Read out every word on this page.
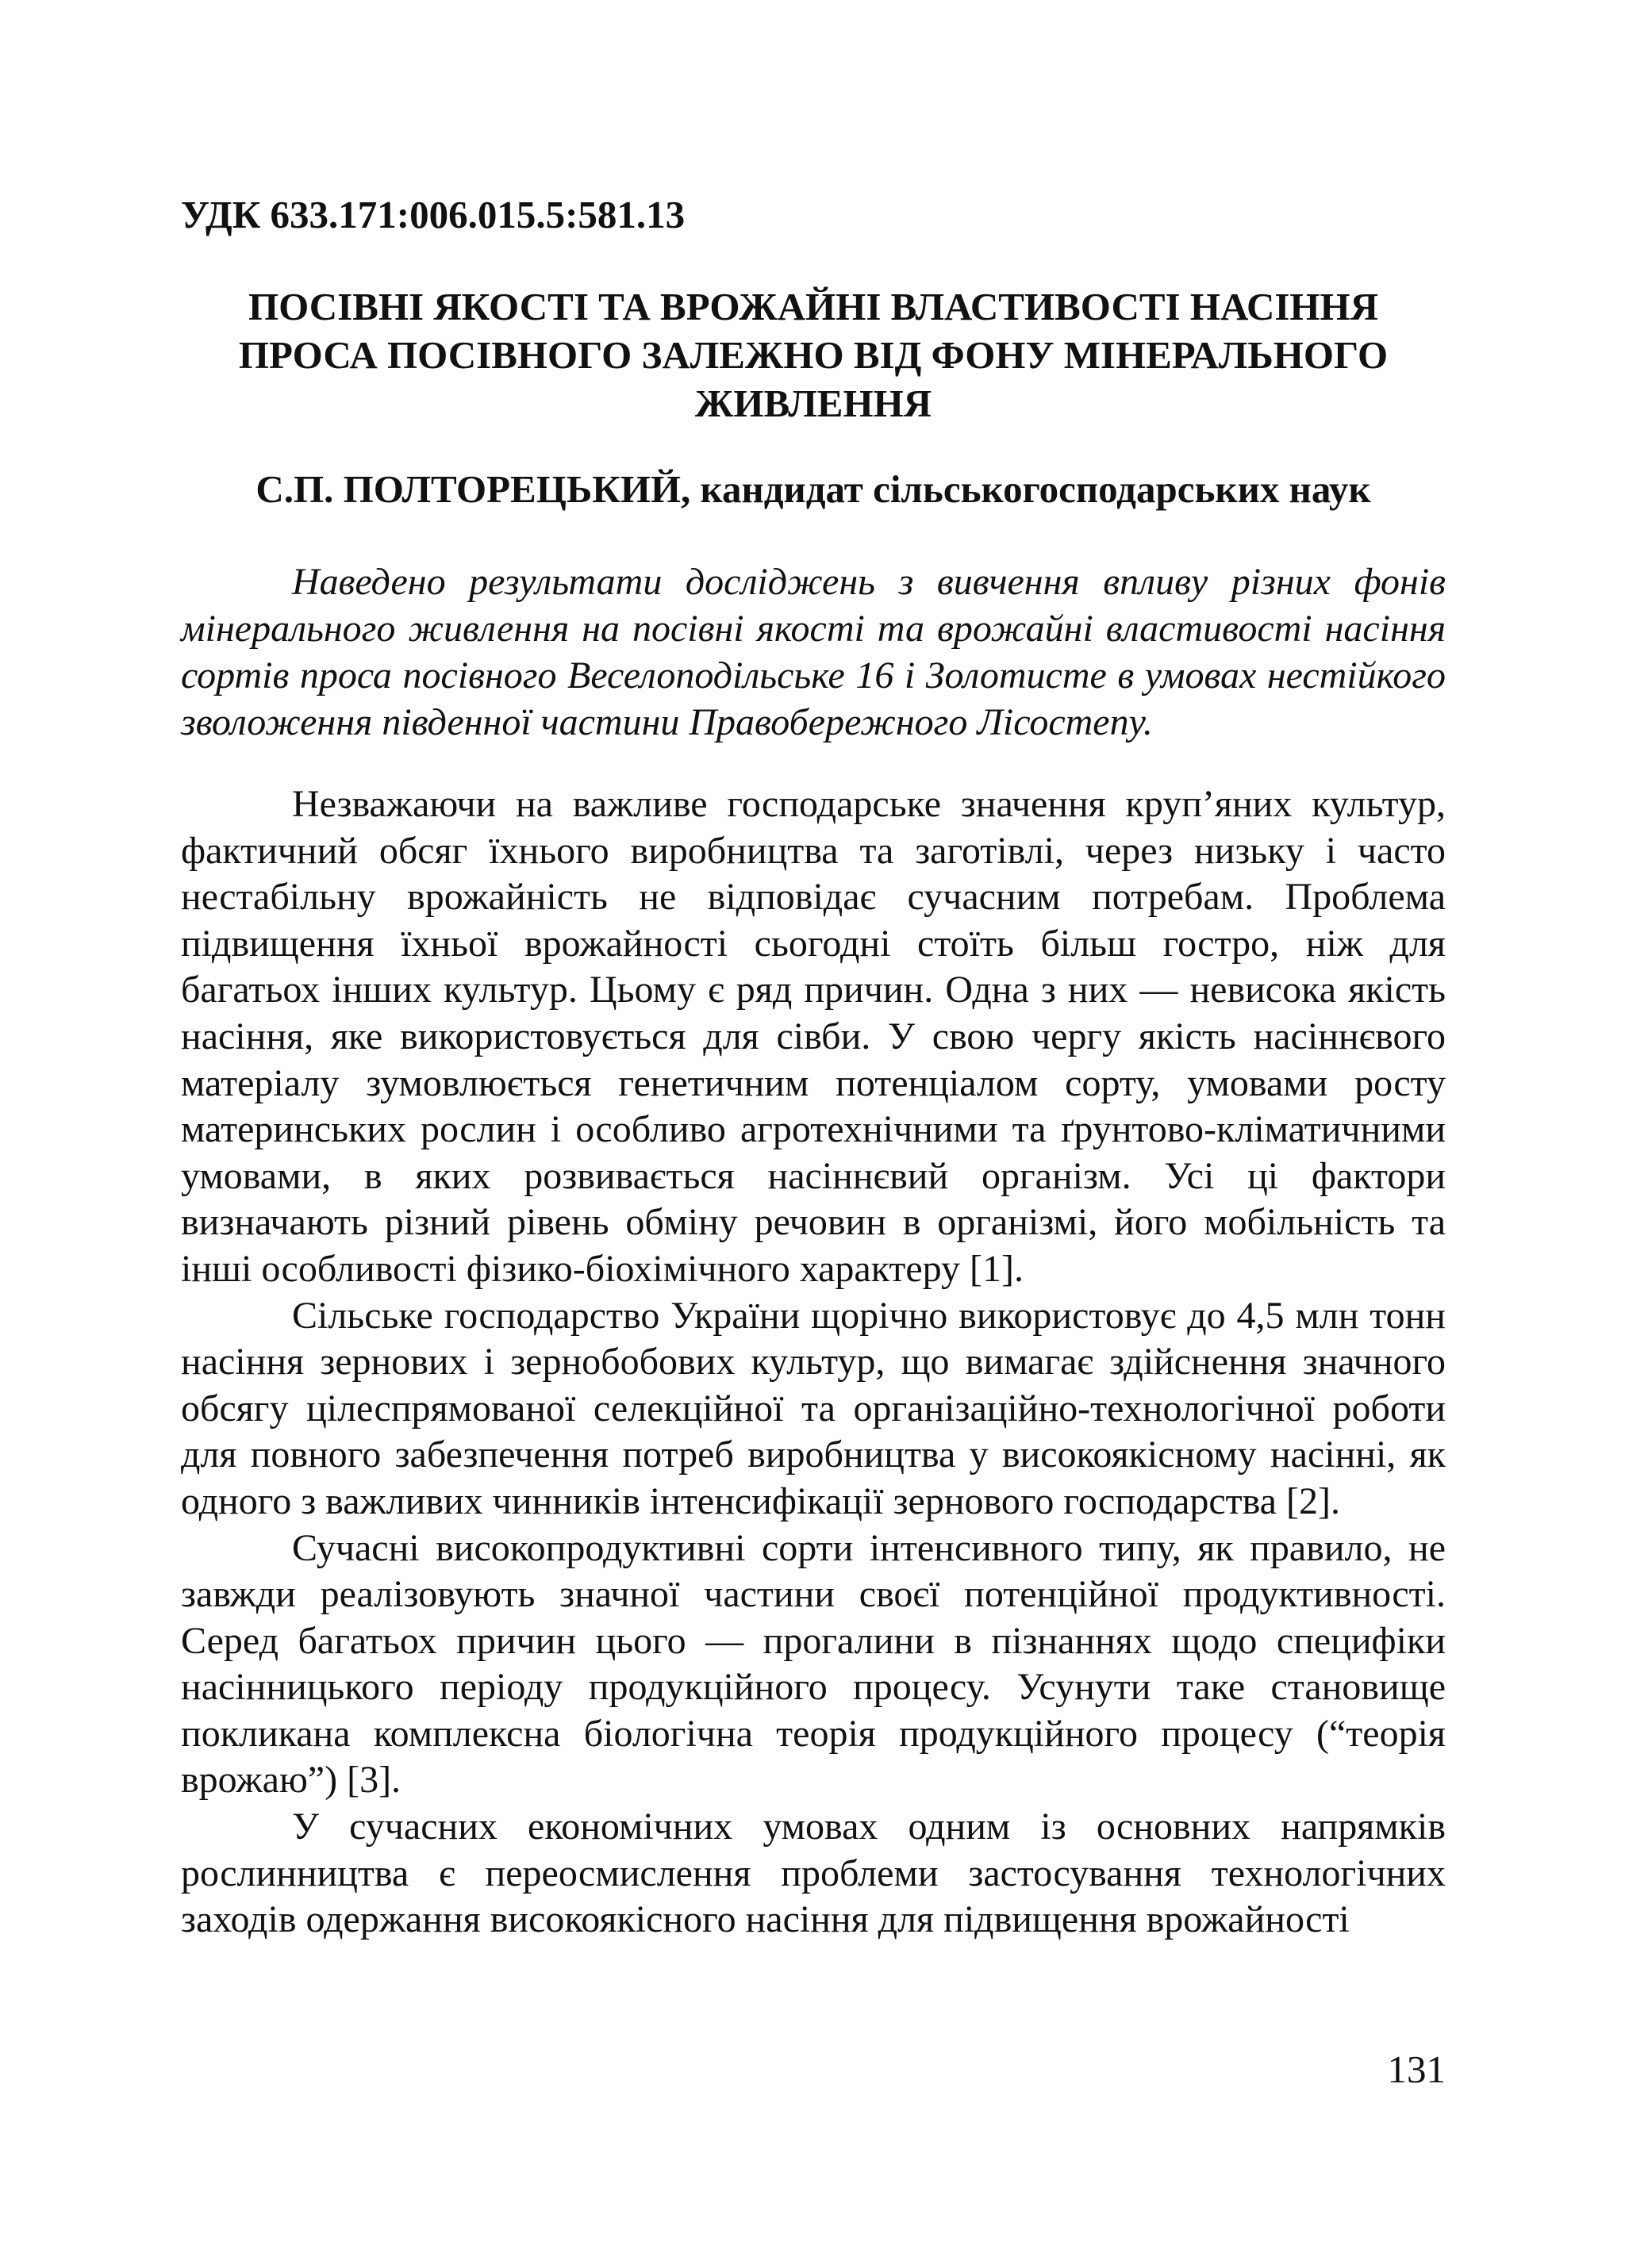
УДК 633.171:006.015.5:581.13
ПОСІВНІ ЯКОСТІ ТА ВРОЖАЙНІ ВЛАСТИВОСТІ НАСІННЯ
ПРОСА ПОСІВНОГО ЗАЛЕЖНО ВІД ФОНУ МІНЕРАЛЬНОГО
ЖИВЛЕННЯ
С.П. ПОЛТОРЕЦЬКИЙ, кандидат сільськогосподарських наук
Наведено результати досліджень з вивчення впливу різних фонів мінерального живлення на посівні якості та врожайні властивості насіння сортів проса посівного Веселоподільське 16 і Золотисте в умовах нестійкого зволоження південної частини Правобережного Лісостепу.

Незважаючи на важливе господарське значення круп’яних культур, фактичний обсяг їхнього виробництва та заготівлі, через низьку і часто нестабільну врожайність не відповідає сучасним потребам. Проблема підвищення їхньої врожайності сьогодні стоїть більш гостро, ніж для багатьох інших культур. Цьому є ряд причин. Одна з них — невисока якість насіння, яке використовується для сівби. У свою чергу якість насіннєвого матеріалу зумовлюється генетичним потенціалом сорту, умовами росту материнських рослин і особливо агротехнічними та ґрунтово-кліматичними умовами, в яких розвивається насіннєвий організм. Усі ці фактори визначають різний рівень обміну речовин в організмі, його мобільність та інші особливості фізико-біохімічного характеру [1].

Сільське господарство України щорічно використовує до 4,5 млн тонн насіння зернових і зернобобових культур, що вимагає здійснення значного обсягу цілеспрямованої селекційної та організаційно-технологічної роботи для повного забезпечення потреб виробництва у високоякісному насінні, як одного з важливих чинників інтенсифікації зернового господарства [2].

Сучасні високопродуктивні сорти інтенсивного типу, як правило, не завжди реалізовують значної частини своєї потенційної продуктивності. Серед багатьох причин цього — прогалини в пізнаннях щодо специфіки насінницького періоду продукційного процесу. Усунути таке становище покликана комплексна біологічна теорія продукційного процесу (“теорія врожаю”) [3].

У сучасних економічних умовах одним із основних напрямків рослинництва є переосмислення проблеми застосування технологічних заходів одержання високоякісного насіння для підвищення врожайності

131
